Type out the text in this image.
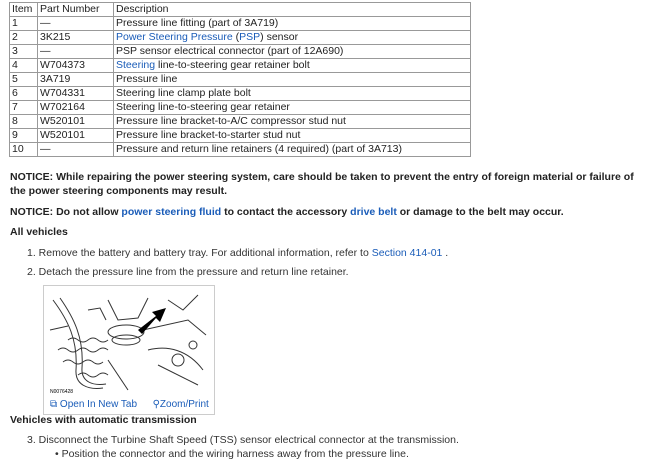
Item	Part Number	Description
1	—	Pressure line fitting (part of 3A719)
2	3K215	Power Steering Pressure (PSP) sensor
3	—	PSP sensor electrical connector (part of 12A690)
4	W704373	Steering line-to-steering gear retainer bolt
5	3A719	Pressure line
6	W704331	Steering line clamp plate bolt
7	W702164	Steering line-to-steering gear retainer
8	W520101	Pressure line bracket-to-A/C compressor stud nut
9	W520101	Pressure line bracket-to-starter stud nut
10	—	Pressure and return line retainers (4 required) (part of 3A713)
NOTICE: While repairing the power steering system, care should be taken to prevent the entry of foreign material or failure of the power steering components may result.
NOTICE: Do not allow power steering fluid to contact the accessory drive belt or damage to the belt may occur.
All vehicles
1. Remove the battery and battery tray. For additional information, refer to Section 414-01 .
2. Detach the pressure line from the pressure and return line retainer.
N0076428
⧉ Open In New Tab ⚲Zoom/Print
Vehicles with automatic transmission
3. Disconnect the Turbine Shaft Speed (TSS) sensor electrical connector at the transmission.
• Position the connector and the wiring harness away from the pressure line.
